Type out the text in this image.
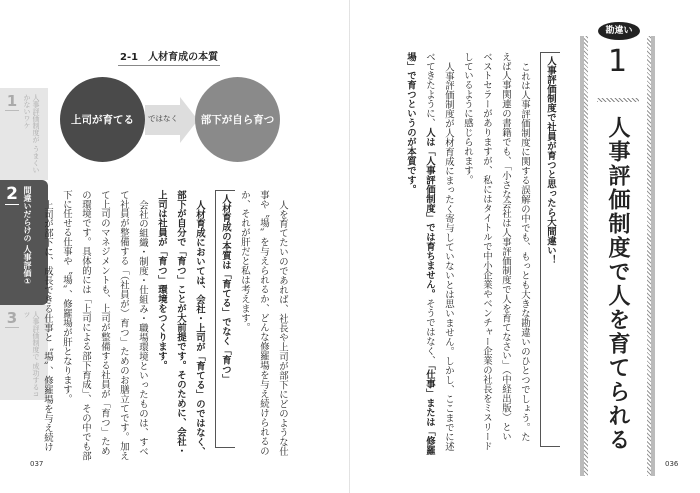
1	人事評価制度が うまくいかないワケ
2 間違いだらけの 人事評価①
3	人事評価制度で 成功するコツ
2-1　人材育成の本質
上司が育てる	ではなく	部下が自ら育つ
人を育てたいのであれば、社長や上司が部下にどのような仕
事や〝場〟を与えられるか、どんな修羅場を与え続けられるの
か、それが肝だと私は考えます。
人材育成の本質は「育てる」でなく「育つ」
人材育成においては、会社・上司が「育てる」のではなく、
部下が自分で「育つ」ことが大前提です。そのために、会社・
上司は社員が「育つ」環境をつくります。
会社の組織・制度・仕組み・職場環境といったものは、すべ
て社員が整備する「（社員が）育つ」ためのお膳立てです。加え
て上司のマネジメントも、上司が整備する社員が「育つ」ため
の環境です。具体的には「上司による部下育成」、その中でも部
下に任せる仕事や〝場〟、修羅場が肝となります。
上司が部下に、成長できる仕事と〝場〟、修羅場を与え続け
037
人事評価制度で社員が育つと思ったら大間違い！
これは人事評価制度に関する誤解の中でも、もっとも大きな勘違いのひとつでしょう。た
えば人事関連の書籍でも、「小さな会社は人事評価制度で人を育てなさい」（中経出版）とい
ベストセラーがありますが、私にはタイトルで中小企業やベンチャー企業の社長をミスリード
しているように感じられます。
人事評価制度が人材育成にまったく寄与していないとは思いません。しかし、ここまでに述
べてきたように、人は「人事評価制度」では育ちません。そうではなく、「仕事」または「修羅
場」で育つというのが本質です。
勘違い
1
人事評価制度で人を育てられる
036
